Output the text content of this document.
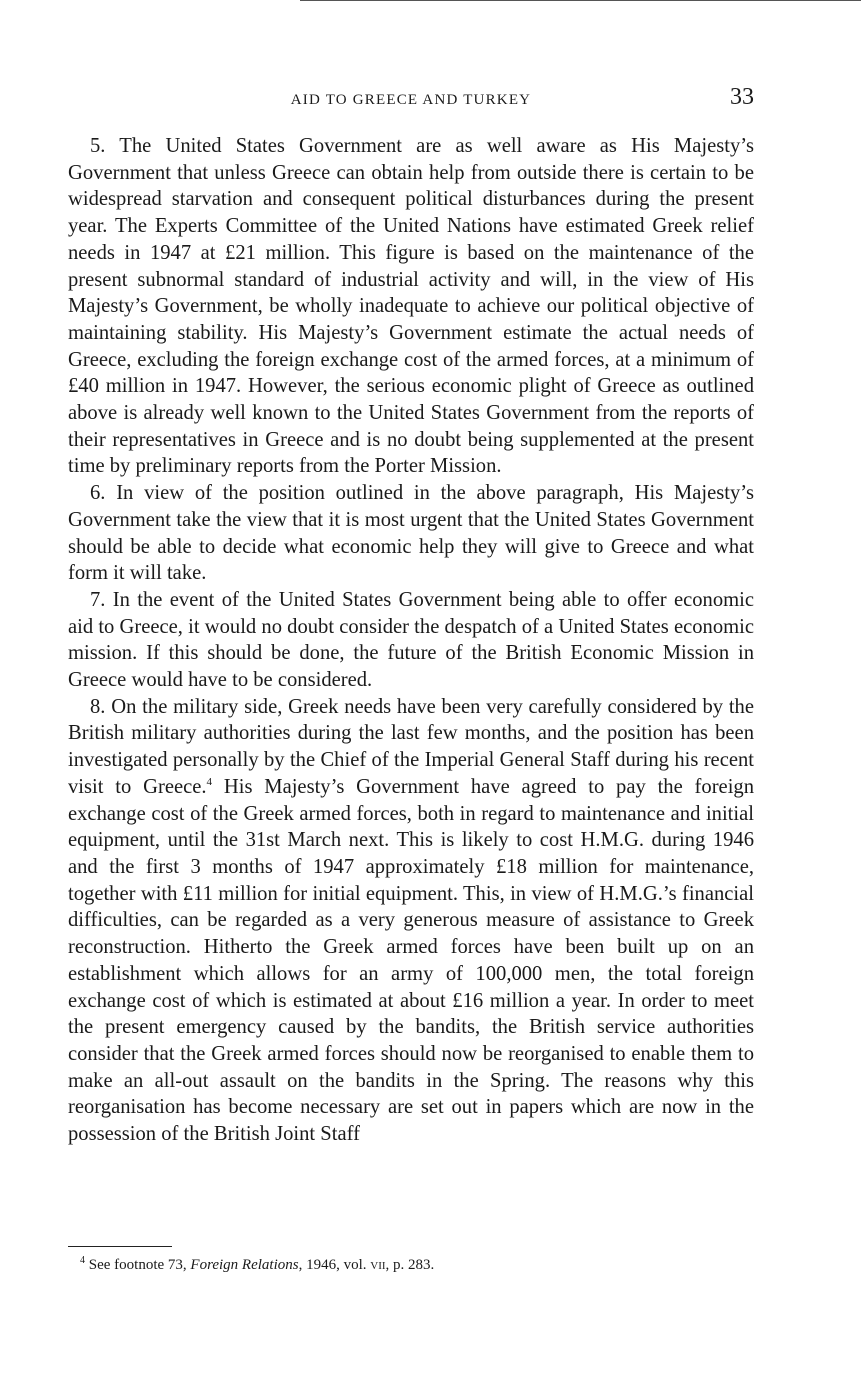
AID TO GREECE AND TURKEY	33

5. The United States Government are as well aware as His Majesty’s Government that unless Greece can obtain help from outside there is certain to be widespread starvation and consequent political disturbances during the present year. The Experts Committee of the United Nations have estimated Greek relief needs in 1947 at £21 million. This figure is based on the maintenance of the present subnormal standard of industrial activity and will, in the view of His Majesty’s Government, be wholly inadequate to achieve our political objective of maintaining stability. His Majesty’s Government estimate the actual needs of Greece, excluding the foreign exchange cost of the armed forces, at a minimum of £40 million in 1947. However, the serious economic plight of Greece as outlined above is already well known to the United States Government from the reports of their representatives in Greece and is no doubt being supplemented at the present time by preliminary reports from the Porter Mission.

6. In view of the position outlined in the above paragraph, His Majesty’s Government take the view that it is most urgent that the United States Government should be able to decide what economic help they will give to Greece and what form it will take.

7. In the event of the United States Government being able to offer economic aid to Greece, it would no doubt consider the despatch of a United States economic mission. If this should be done, the future of the British Economic Mission in Greece would have to be considered.

8. On the military side, Greek needs have been very carefully considered by the British military authorities during the last few months, and the position has been investigated personally by the Chief of the Imperial General Staff during his recent visit to Greece.$^4$ His Majesty’s Government have agreed to pay the foreign exchange cost of the Greek armed forces, both in regard to maintenance and initial equipment, until the 31st March next. This is likely to cost H.M.G. during 1946 and the first 3 months of 1947 approximately £18 million for maintenance, together with £11 million for initial equipment. This, in view of H.M.G.’s financial difficulties, can be regarded as a very generous measure of assistance to Greek reconstruction. Hitherto the Greek armed forces have been built up on an establishment which allows for an army of 100,000 men, the total foreign exchange cost of which is estimated at about £16 million a year. In order to meet the present emergency caused by the bandits, the British service authorities consider that the Greek armed forces should now be reorganised to enable them to make an all-out assault on the bandits in the Spring. The reasons why this reorganisation has become necessary are set out in papers which are now in the possession of the British Joint Staff

$^4$ See footnote 73, Foreign Relations, 1946, vol. vii, p. 283.
